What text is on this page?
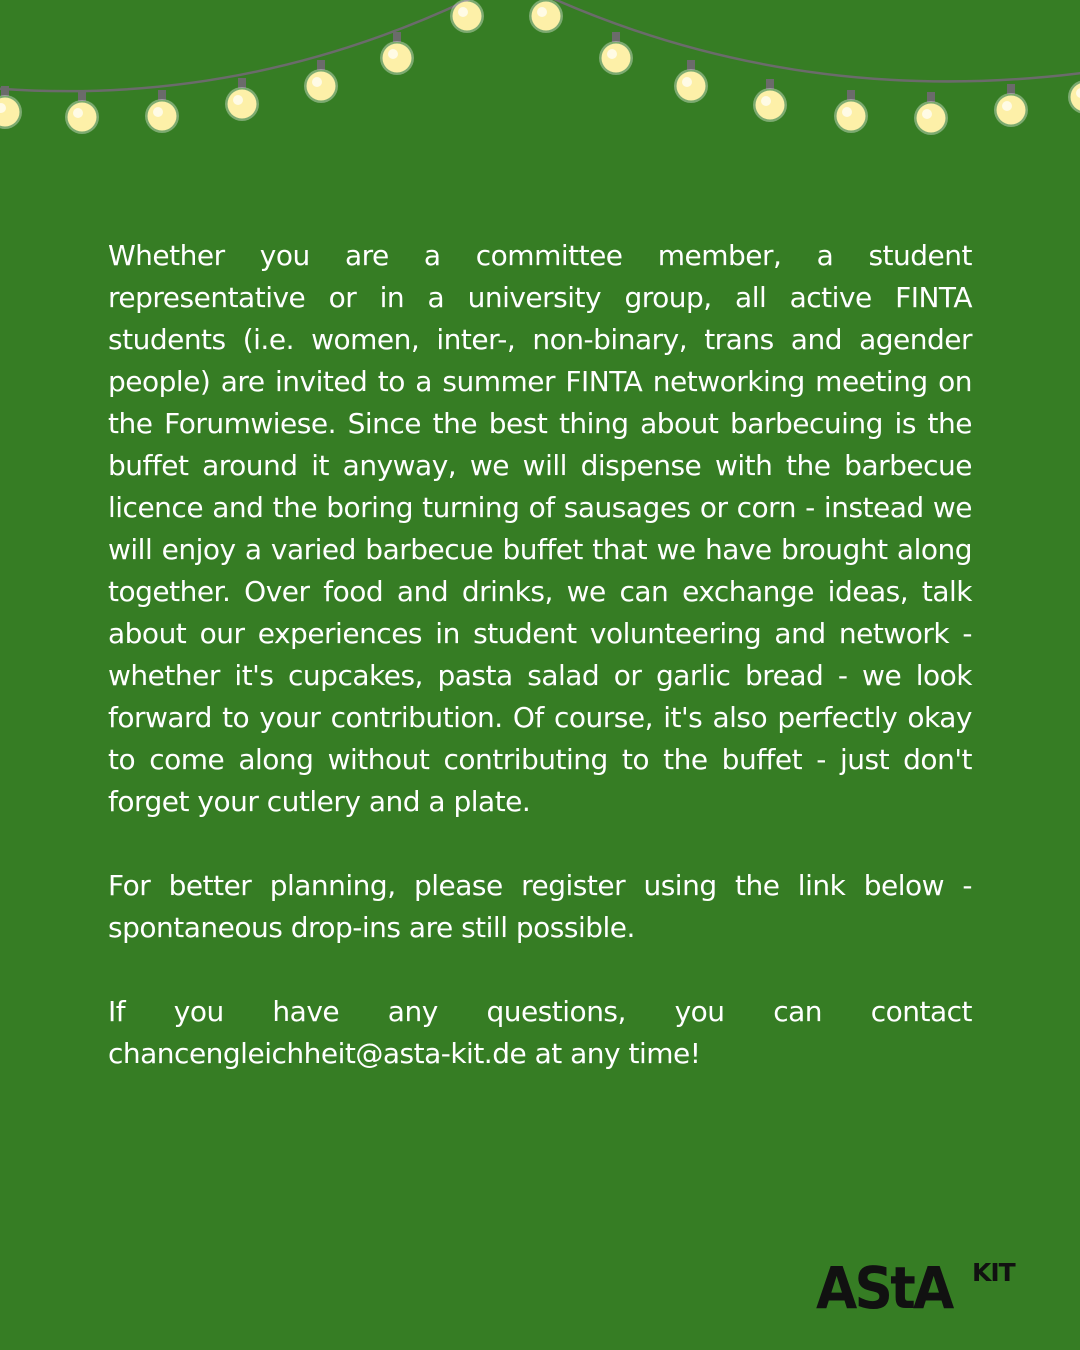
Whether you are a committee member, a student representative or in a university group, all active FINTA students (i.e. women, inter-, non-binary, trans and agender people) are invited to a summer FINTA networking meeting on the Forumwiese. Since the best thing about barbecuing is the buffet around it anyway, we will dispense with the barbecue licence and the boring turning of sausages or corn - instead we will enjoy a varied barbecue buffet that we have brought along together. Over food and drinks, we can exchange ideas, talk about our experiences in student volunteering and network - whether it's cupcakes, pasta salad or garlic bread - we look forward to your contribution. Of course, it's also perfectly okay to come along without contributing to the buffet - just don't forget your cutlery and a plate.

For better planning, please register using the link below - spontaneous drop-ins are still possible.

If you have any questions, you can contact chancengleichheit@asta-kit.de at any time!

AStA KIT
